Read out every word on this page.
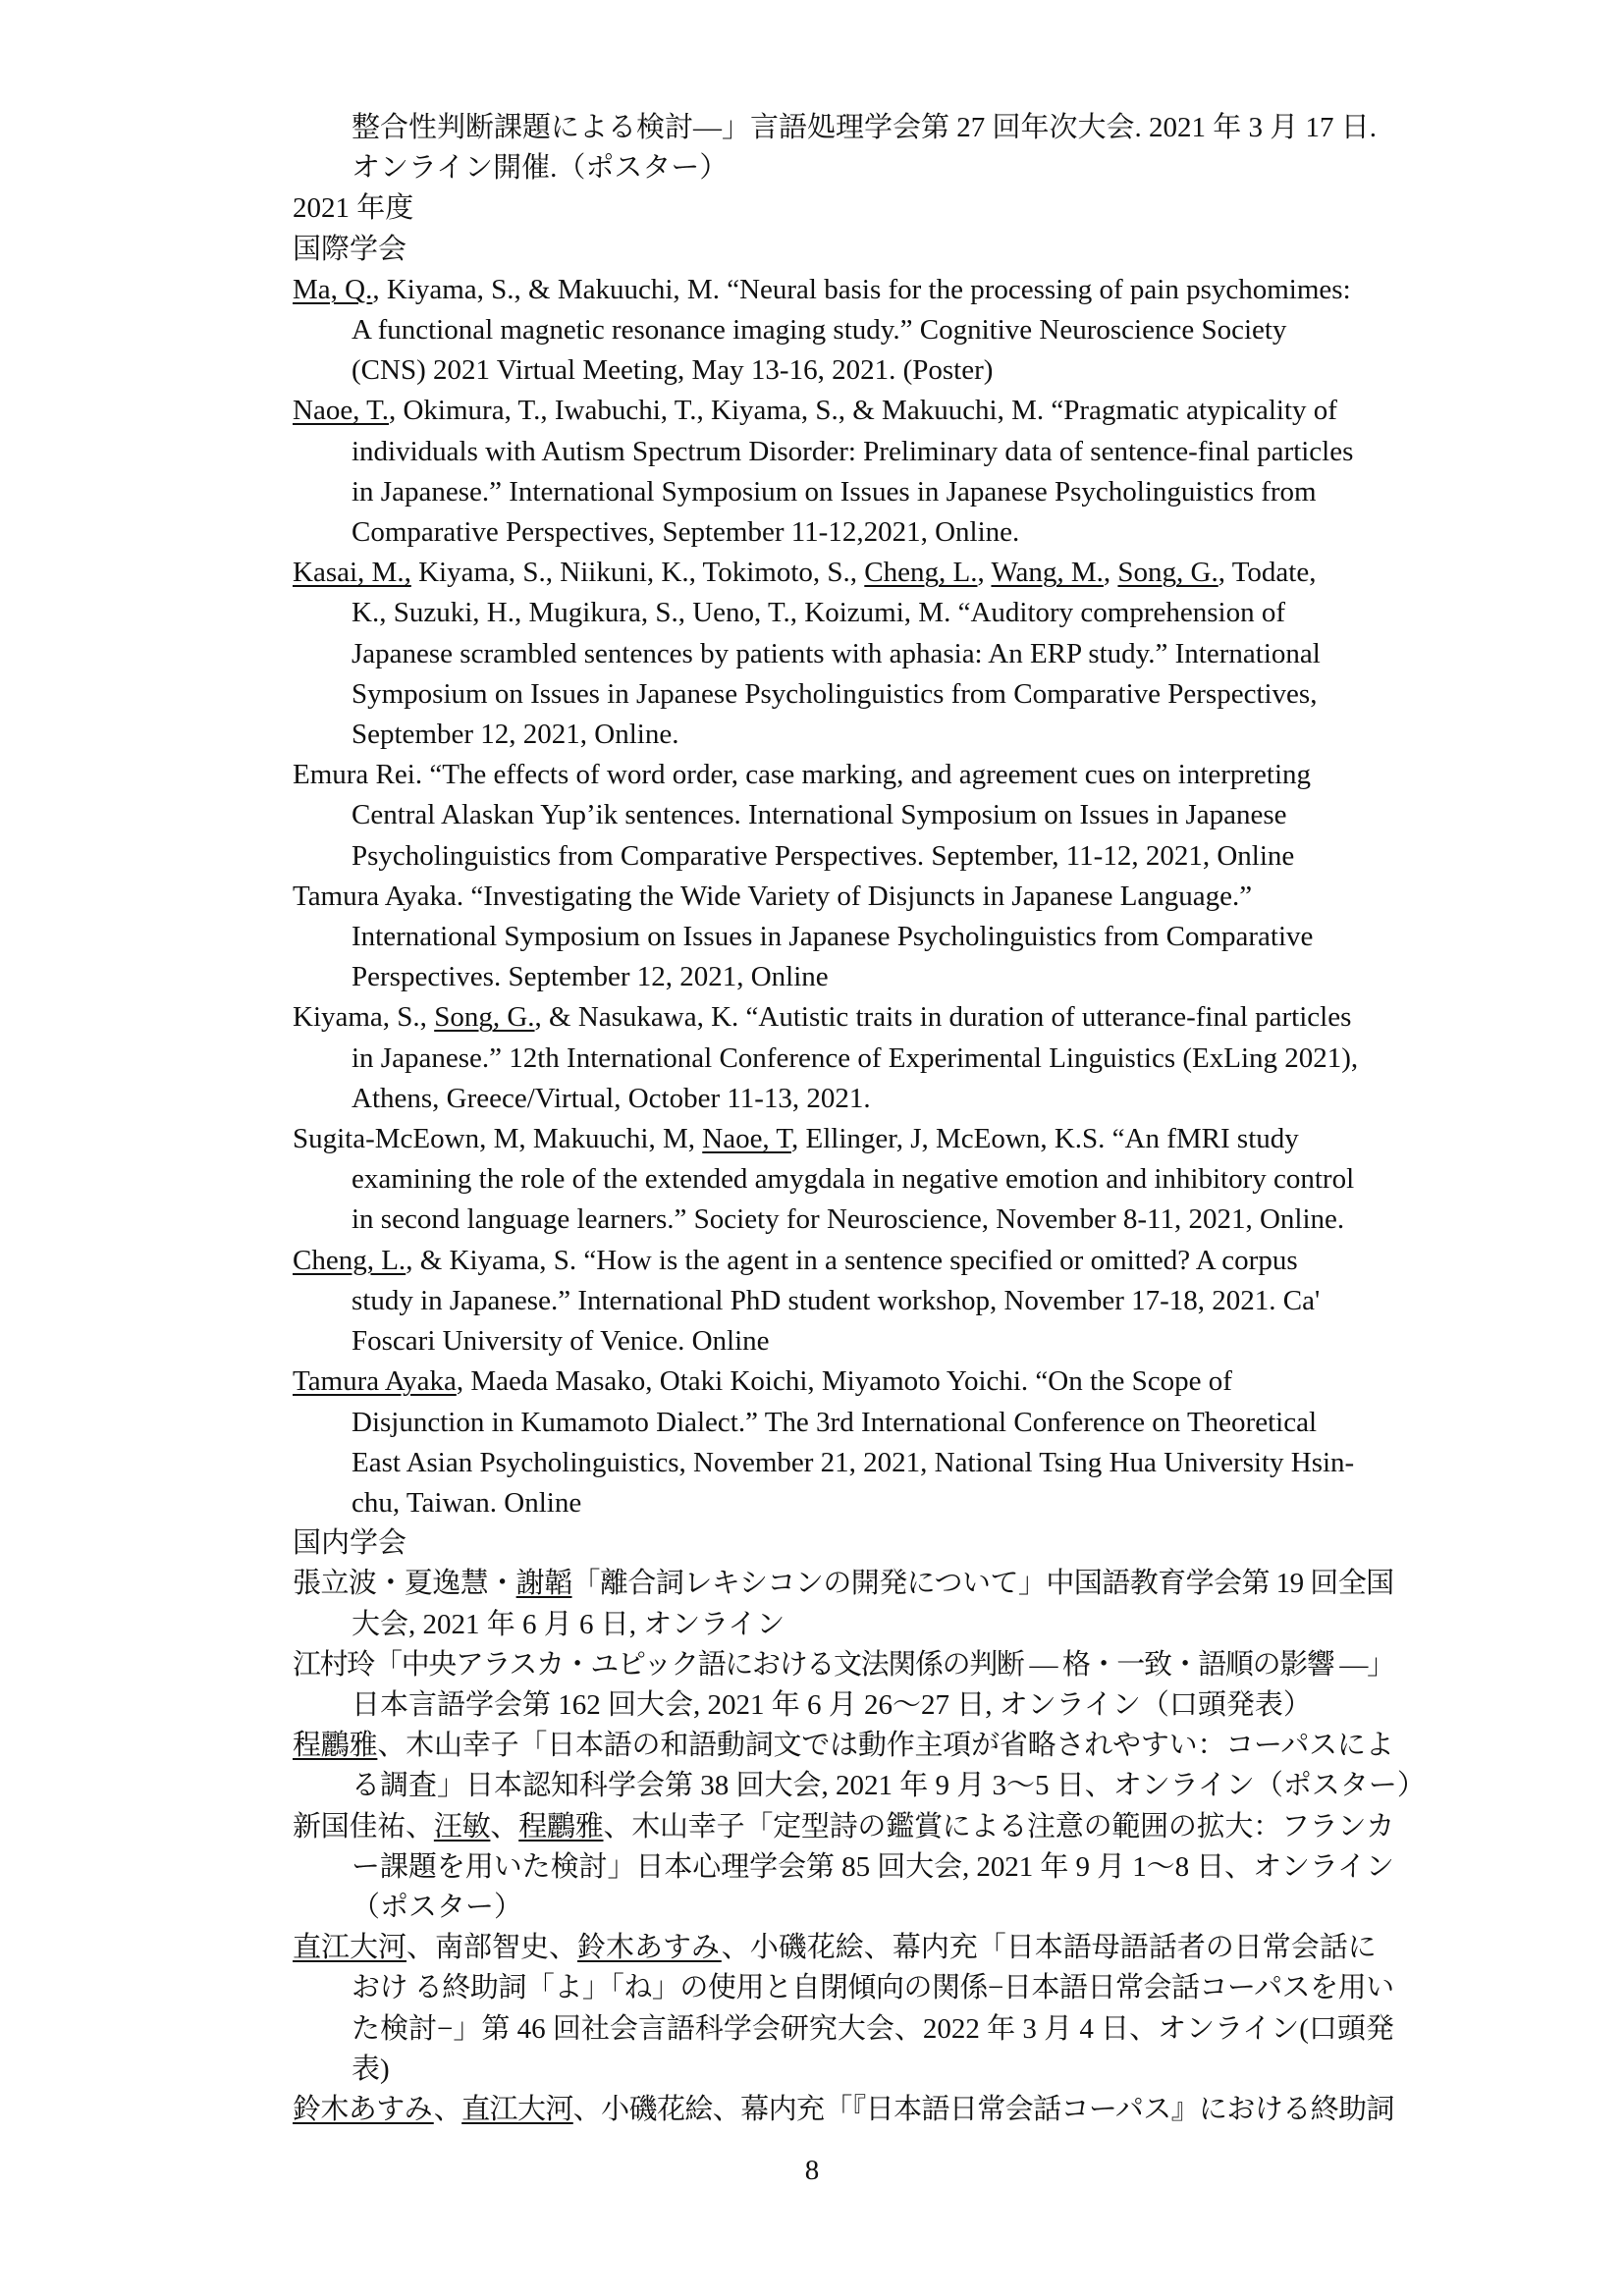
整合性判断課題による検討—」言語処理学会第 27 回年次大会. 2021 年 3 月 17 日.
オンライン開催.（ポスター）
2021 年度
国際学会
Ma, Q., Kiyama, S., & Makuuchi, M. “Neural basis for the processing of pain psychomimes:
A functional magnetic resonance imaging study.” Cognitive Neuroscience Society
(CNS) 2021 Virtual Meeting, May 13-16, 2021. (Poster)
Naoe, T., Okimura, T., Iwabuchi, T., Kiyama, S., & Makuuchi, M. “Pragmatic atypicality of
individuals with Autism Spectrum Disorder: Preliminary data of sentence-final particles
in Japanese.” International Symposium on Issues in Japanese Psycholinguistics from
Comparative Perspectives, September 11-12,2021, Online.
Kasai, M., Kiyama, S., Niikuni, K., Tokimoto, S., Cheng, L., Wang, M., Song, G., Todate,
K., Suzuki, H., Mugikura, S., Ueno, T., Koizumi, M. “Auditory comprehension of
Japanese scrambled sentences by patients with aphasia: An ERP study.” International
Symposium on Issues in Japanese Psycholinguistics from Comparative Perspectives,
September 12, 2021, Online.
Emura Rei. “The effects of word order, case marking, and agreement cues on interpreting
Central Alaskan Yup’ik sentences. International Symposium on Issues in Japanese
Psycholinguistics from Comparative Perspectives. September, 11-12, 2021, Online
Tamura Ayaka. “Investigating the Wide Variety of Disjuncts in Japanese Language.”
International Symposium on Issues in Japanese Psycholinguistics from Comparative
Perspectives. September 12, 2021, Online
Kiyama, S., Song, G., & Nasukawa, K. “Autistic traits in duration of utterance-final particles
in Japanese.” 12th International Conference of Experimental Linguistics (ExLing 2021),
Athens, Greece/Virtual, October 11-13, 2021.
Sugita-McEown, M, Makuuchi, M, Naoe, T, Ellinger, J, McEown, K.S. “An fMRI study
examining the role of the extended amygdala in negative emotion and inhibitory control
in second language learners.” Society for Neuroscience, November 8-11, 2021, Online.
Cheng, L., & Kiyama, S. “How is the agent in a sentence specified or omitted? A corpus
study in Japanese.” International PhD student workshop, November 17-18, 2021. Ca'
Foscari University of Venice. Online
Tamura Ayaka, Maeda Masako, Otaki Koichi, Miyamoto Yoichi. “On the Scope of
Disjunction in Kumamoto Dialect.” The 3rd International Conference on Theoretical
East Asian Psycholinguistics, November 21, 2021, National Tsing Hua University Hsin-
chu, Taiwan. Online
国内学会
張立波・夏逸慧・謝韜「離合詞レキシコンの開発について」中国語教育学会第 19 回全国
大会, 2021 年 6 月 6 日, オンライン
江村玲「中央アラスカ・ユピック語における文法関係の判断 — 格・一致・語順の影響 —」
日本言語学会第 162 回大会, 2021 年 6 月 26～27 日, オンライン（口頭発表）
程鸝雅、木山幸子「日本語の和語動詞文では動作主項が省略されやすい：コーパスによ
る調査」日本認知科学会第 38 回大会, 2021 年 9 月 3～5 日、オンライン（ポスター）
新国佳祐、汪敏、程鸝雅、木山幸子「定型詩の鑑賞による注意の範囲の拡大：フランカ
ー課題を用いた検討」日本心理学会第 85 回大会, 2021 年 9 月 1～8 日、オンライン
（ポスター）
直江大河、南部智史、鈴木あすみ、小磯花絵、幕内充「日本語母語話者の日常会話に
おけ る終助詞「よ」「ね」の使用と自閉傾向の関係−日本語日常会話コーパスを用い
た検討−」第 46 回社会言語科学会研究大会、2022 年 3 月 4 日、オンライン(口頭発
表)
鈴木あすみ、直江大河、小磯花絵、幕内充「『日本語日常会話コーパス』における終助詞
8
